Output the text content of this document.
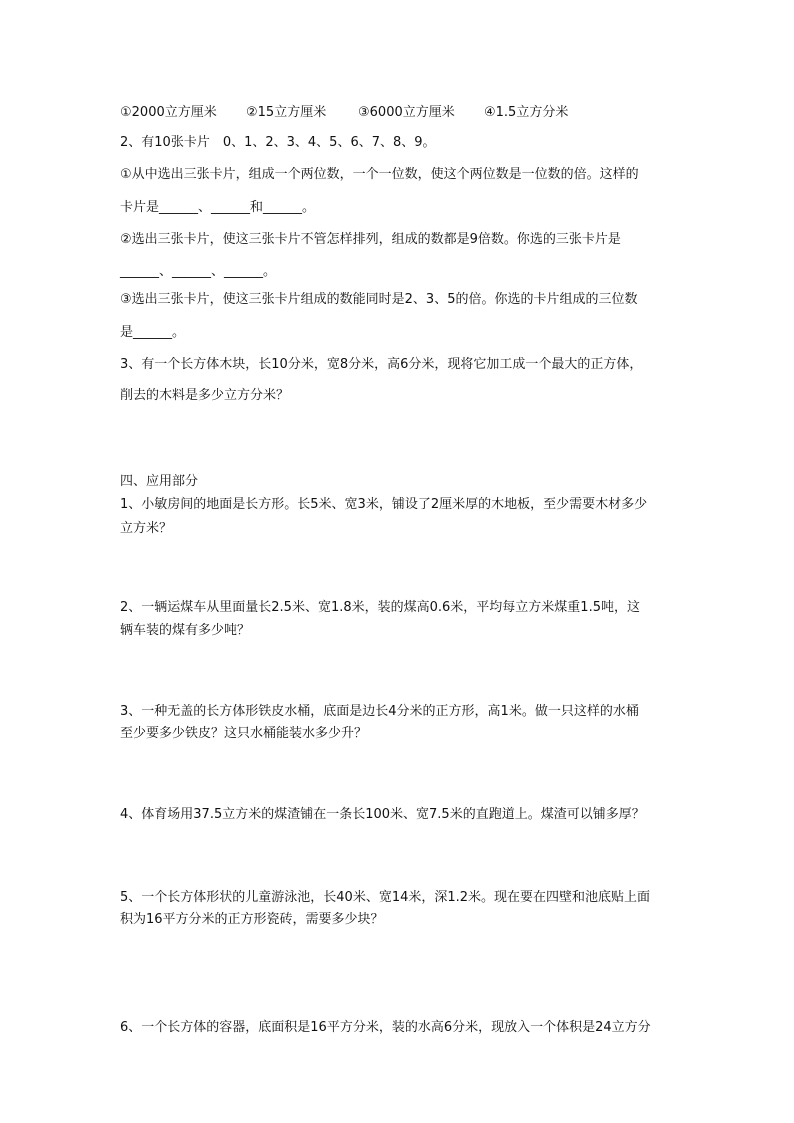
①2000立方厘米 ②15立方厘米 ③6000立方厘米 ④1.5立方分米
2、有10张卡片　0、1、2、3、4、5、6、7、8、9。
①从中选出三张卡片，组成一个两位数，一个一位数，使这个两位数是一位数的倍。这样的
卡片是______、______和______。
②选出三张卡片，使这三张卡片不管怎样排列，组成的数都是9倍数。你选的三张卡片是
______、______、______。
③选出三张卡片，使这三张卡片组成的数能同时是2、3、5的倍。你选的卡片组成的三位数
是______。
3、有一个长方体木块，长10分米，宽8分米，高6分米，现将它加工成一个最大的正方体，
削去的木料是多少立方分米？
四、应用部分
1、小敏房间的地面是长方形。长5米、宽3米，铺设了2厘米厚的木地板，至少需要木材多少
立方米？
2、一辆运煤车从里面量长2.5米、宽1.8米，装的煤高0.6米，平均每立方米煤重1.5吨，这
辆车装的煤有多少吨？
3、一种无盖的长方体形铁皮水桶，底面是边长4分米的正方形，高1米。做一只这样的水桶
至少要多少铁皮？这只水桶能装水多少升？
4、体育场用37.5立方米的煤渣铺在一条长100米、宽7.5米的直跑道上。煤渣可以铺多厚？
5、一个长方体形状的儿童游泳池，长40米、宽14米，深1.2米。现在要在四壁和池底贴上面
积为16平方分米的正方形瓷砖，需要多少块？
6、一个长方体的容器，底面积是16平方分米，装的水高6分米，现放入一个体积是24立方分
